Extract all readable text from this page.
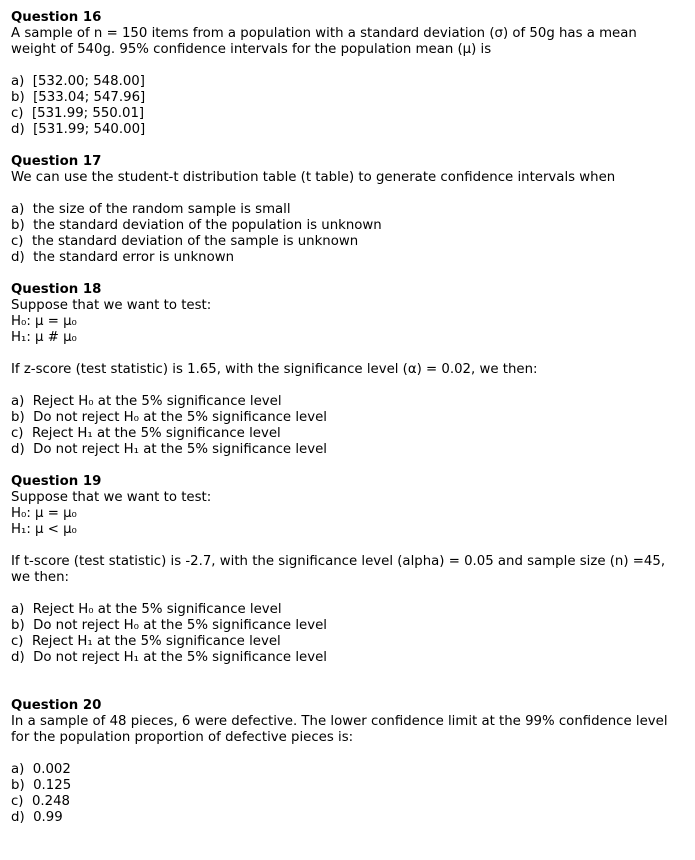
Question 16

A sample of n = 150 items from a population with a standard deviation (σ) of 50g has a mean weight of 540g. 95% confidence intervals for the population mean (μ) is

a)  [532.00; 548.00]

b)  [533.04; 547.96]

c)  [531.99; 550.01]

d)  [531.99; 540.00]

Question 17

We can use the student-t distribution table (t table) to generate confidence intervals when

a)  the size of the random sample is small

b)  the standard deviation of the population is unknown

c)  the standard deviation of the sample is unknown

d)  the standard error is unknown

Question 18

Suppose that we want to test:

H₀: μ = μ₀

H₁: μ # μ₀

If z-score (test statistic) is 1.65, with the significance level (α) = 0.02, we then:

a)  Reject H₀ at the 5% significance level

b)  Do not reject H₀ at the 5% significance level

c)  Reject H₁ at the 5% significance level

d)  Do not reject H₁ at the 5% significance level

Question 19

Suppose that we want to test:

H₀: μ = μ₀

H₁: μ < μ₀

If t-score (test statistic) is -2.7, with the significance level (alpha) = 0.05 and sample size (n) =45, we then:

a)  Reject H₀ at the 5% significance level

b)  Do not reject H₀ at the 5% significance level

c)  Reject H₁ at the 5% significance level

d)  Do not reject H₁ at the 5% significance level

Question 20

In a sample of 48 pieces, 6 were defective. The lower confidence limit at the 99% confidence level for the population proportion of defective pieces is:

a)  0.002

b)  0.125

c)  0.248

d)  0.99
